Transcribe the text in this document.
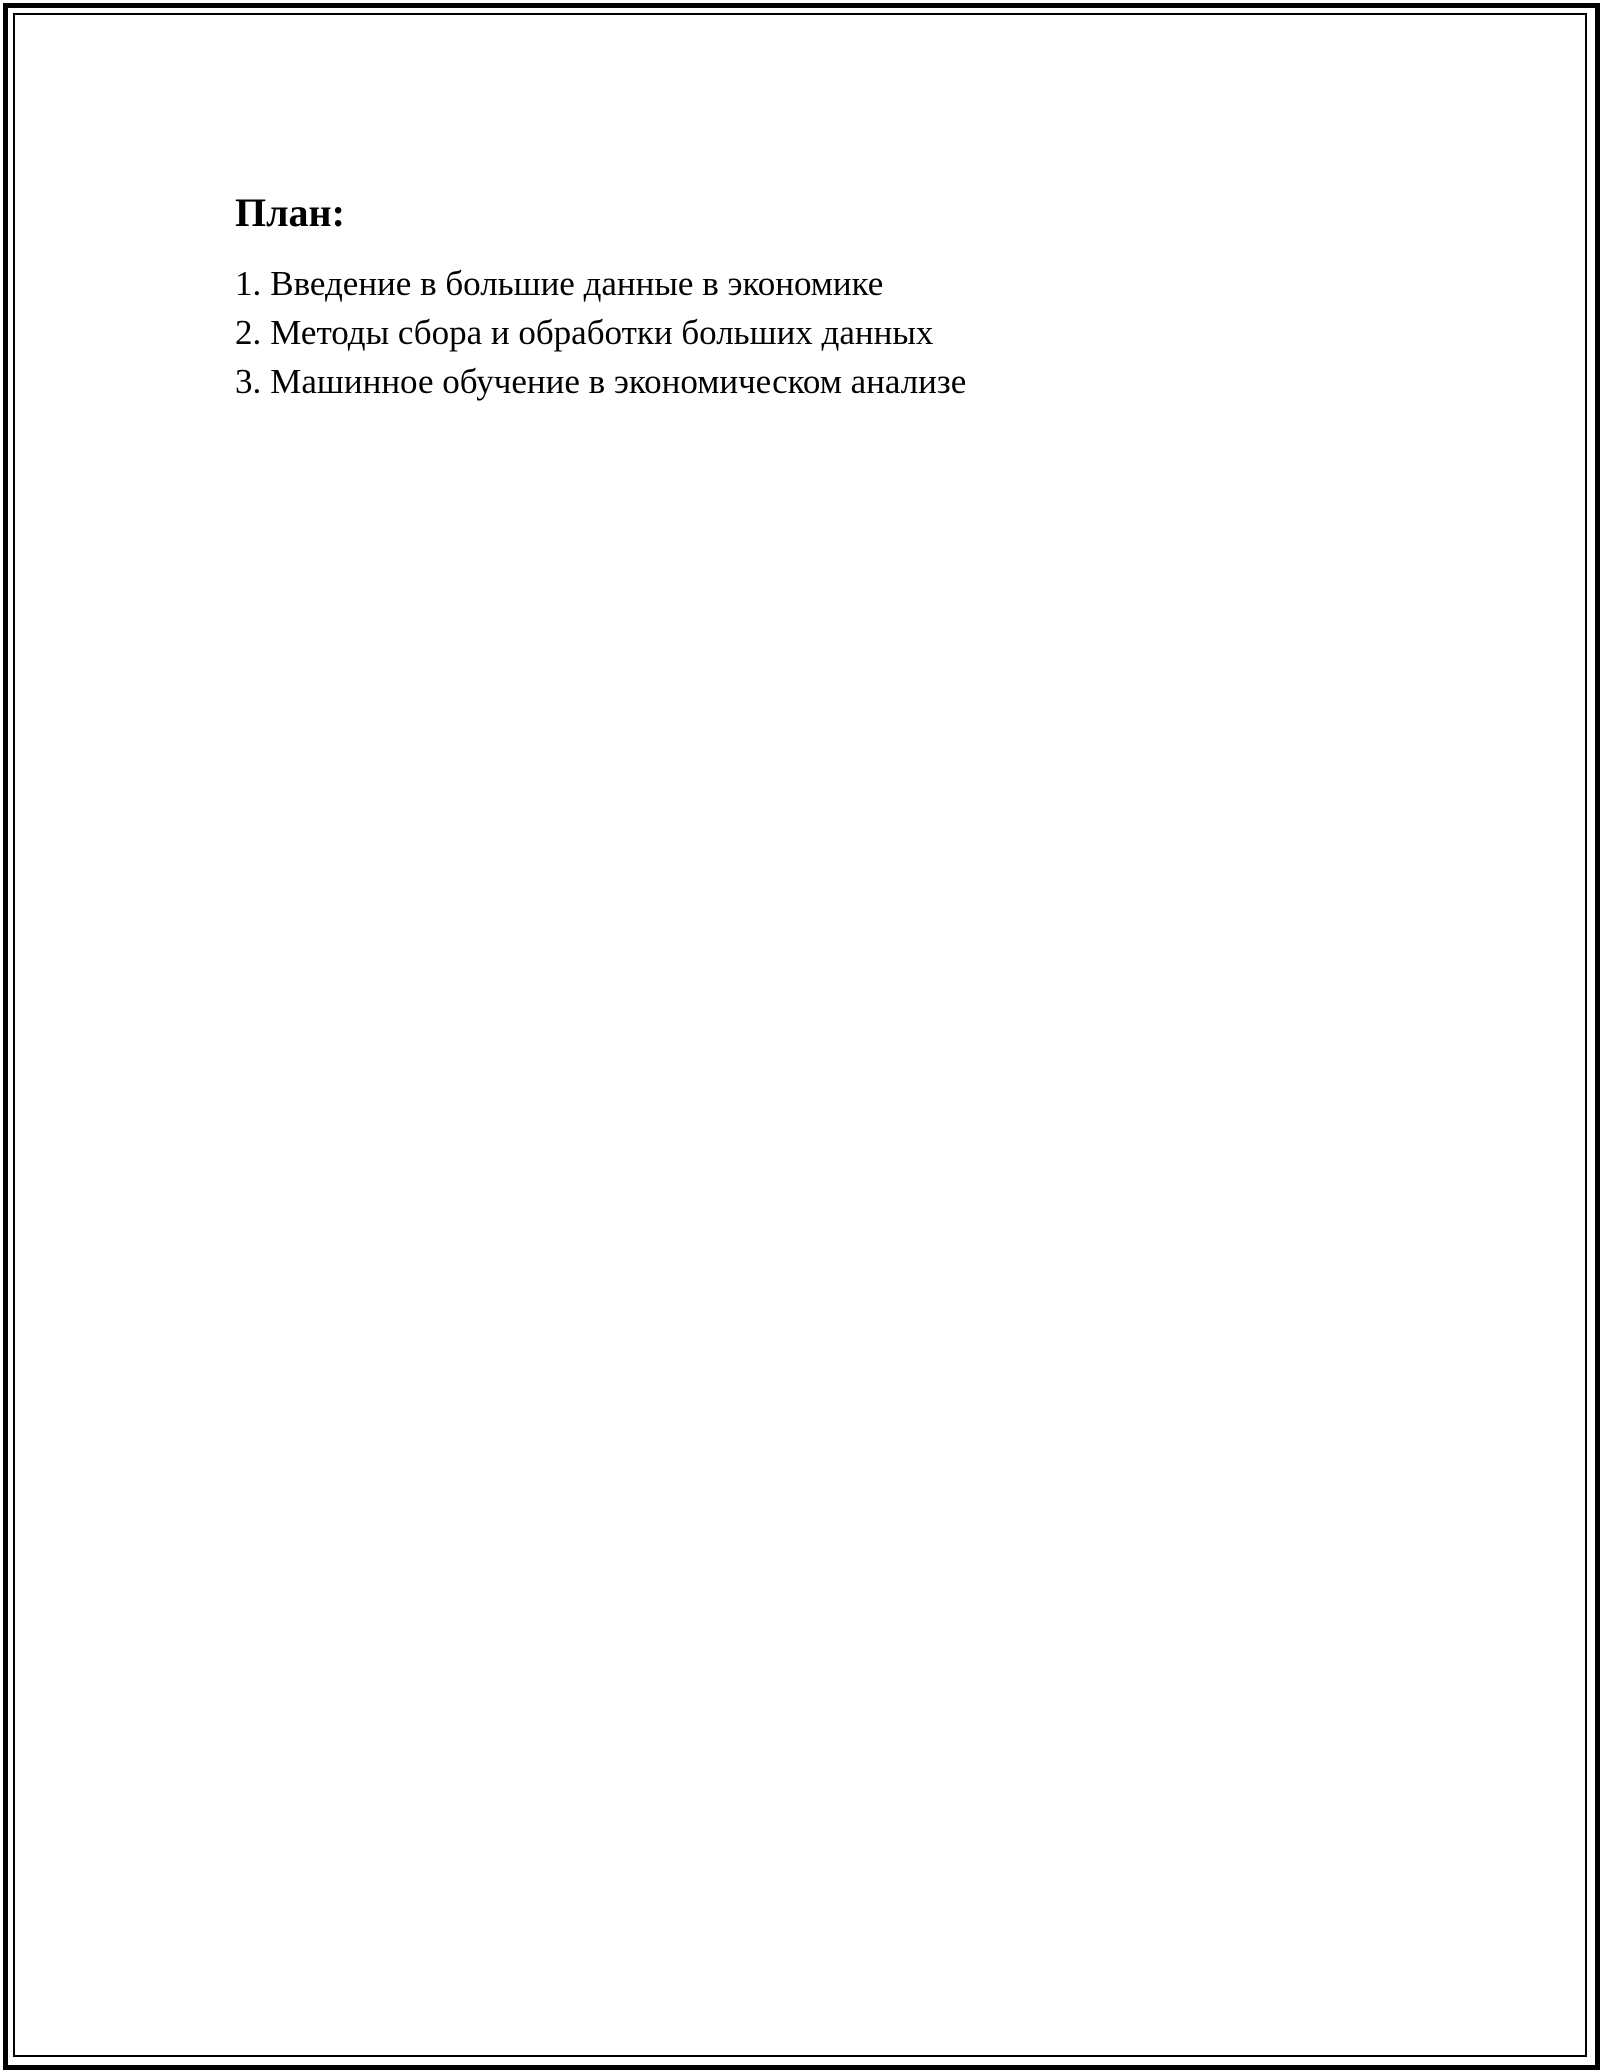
План:
1. Введение в большие данные в экономике
2. Методы сбора и обработки больших данных
3. Машинное обучение в экономическом анализе
